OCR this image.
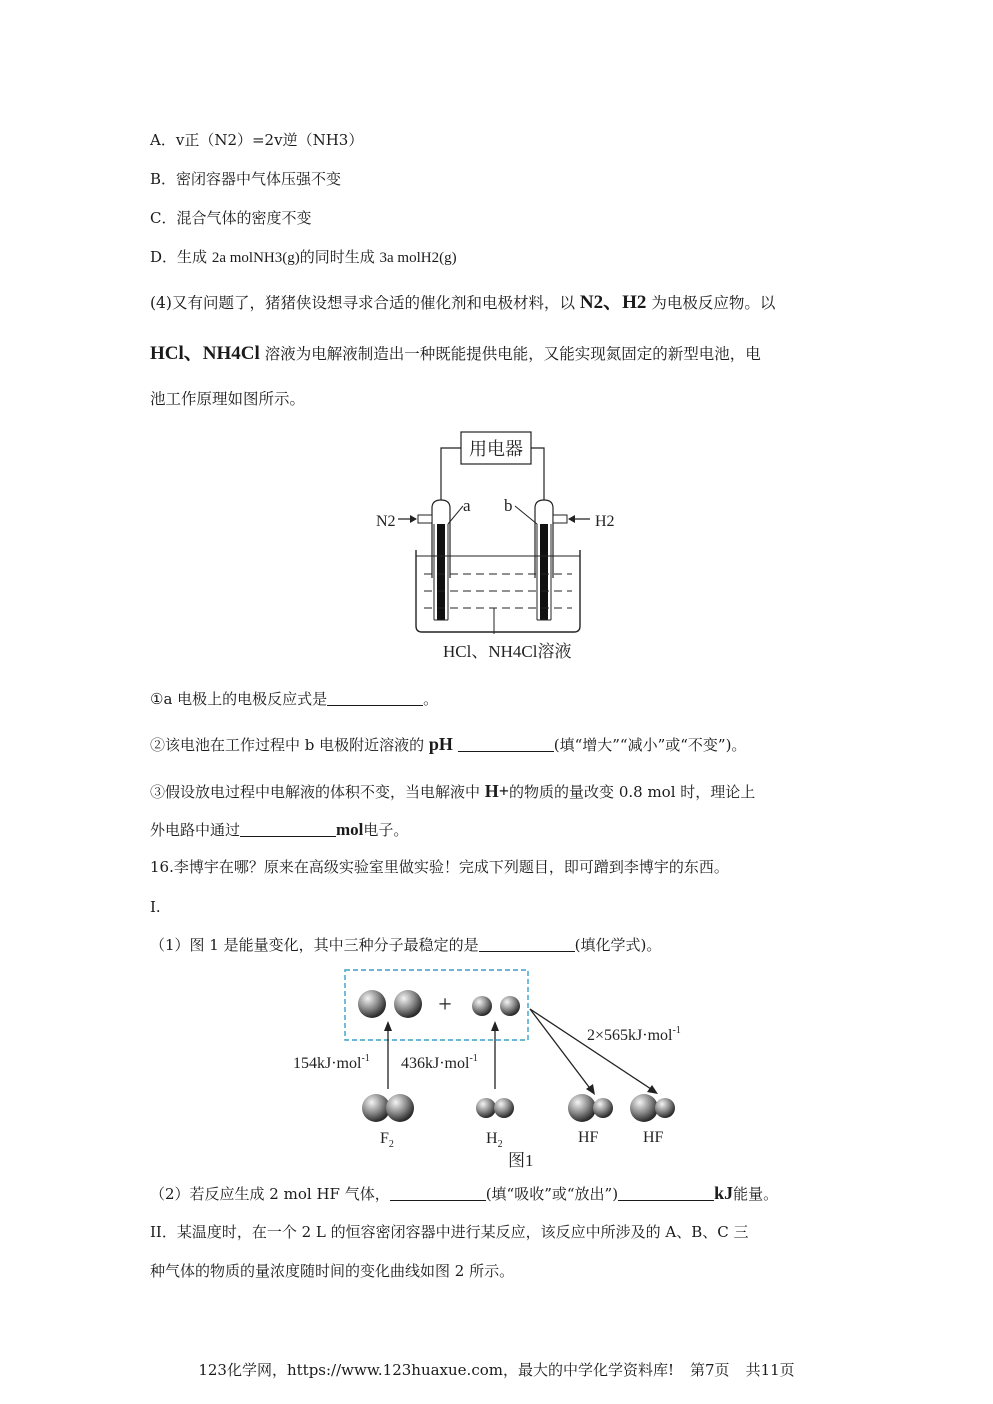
A．v正（N2）=2v逆（NH3）
B．密闭容器中气体压强不变
C．混合气体的密度不变
D．生成 2a molNH3(g)的同时生成 3a molH2(g)
(4)又有问题了，猪猪侠设想寻求合适的催化剂和电极材料，以 N2、H2 为电极反应物。以
HCl、NH4Cl 溶液为电解液制造出一种既能提供电能，又能实现氮固定的新型电池，电
池工作原理如图所示。
用电器
N2	H2
a b
HCl、NH4Cl溶液
①a 电极上的电极反应式是	。
②该电池在工作过程中 b 电极附近溶液的 pH	(填“增大”“减小”或“不变”)。
③假设放电过程中电解液的体积不变，当电解液中 H+的物质的量改变 0.8 mol 时，理论上
外电路中通过	mol电子。
16.李博宇在哪？原来在高级实验室里做实验！完成下列题目，即可蹭到李博宇的东西。
I.
（1）图 1 是能量变化，其中三种分子最稳定的是	(填化学式)。
+
154kJ·mol$^{-1}$ 436kJ·mol$^{-1}$
2×565kJ·mol$^{-1}$
$F_2$	$H_2$	HF	HF
图1
（2）若反应生成 2 mol HF 气体，	(填“吸收”或“放出”)	kJ能量。
II．某温度时，在一个 2 L 的恒容密闭容器中进行某反应，该反应中所涉及的 A、B、C 三
种气体的物质的量浓度随时间的变化曲线如图 2 所示。
123化学网，https://www.123huaxue.com，最大的中学化学资料库! 第7页 共11页
